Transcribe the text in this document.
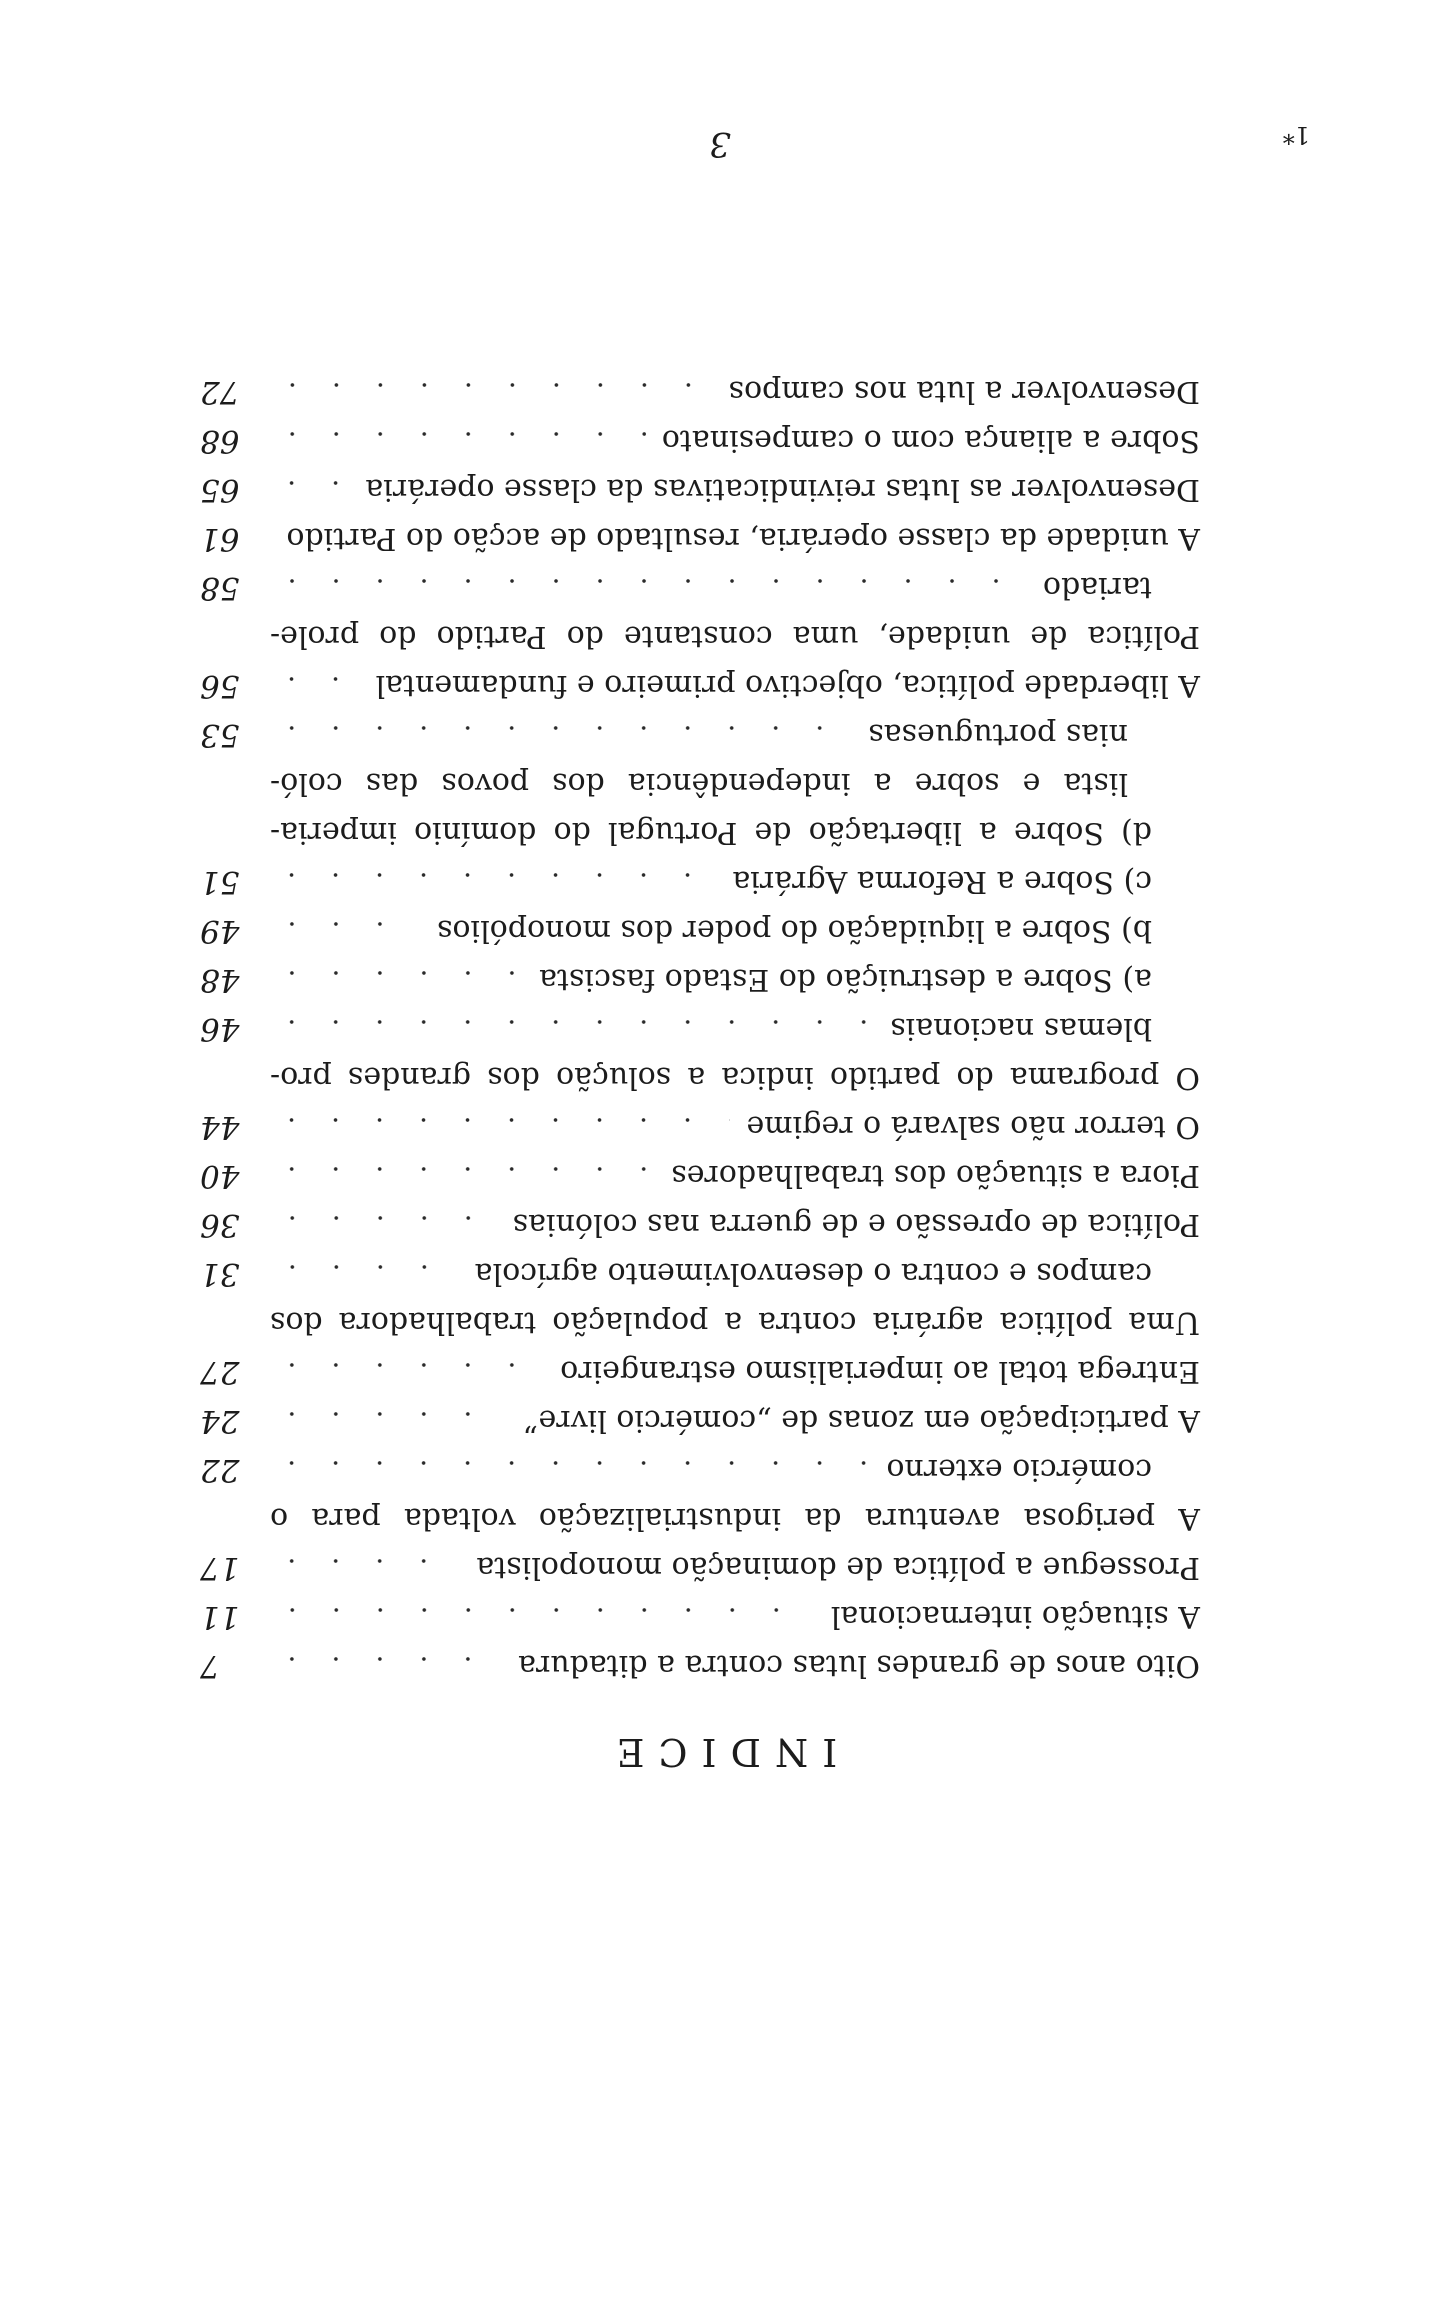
INDICE
Oito anos de grandes lutas contra a ditadura
7
A situação internacional
11
Prossegue a política de dominação monopolista
17
A perigosa aventura da industrialização voltada para o
comércio externo
22
A participação em zonas de „comércio livre”
24
Entrega total ao imperialismo estrangeiro
27
Uma política agrária contra a população trabalhadora dos
campos e contra o desenvolvimento agrícola
31
Política de opressão e de guerra nas colónias
36
Piora a situação dos trabalhadores
40
O terror não salvará o regime
44
O programa do partido indica a solução dos grandes pro-
blemas nacionais
46
a) Sobre a destruição do Estado fascista
48
b) Sobre a liquidação do poder dos monopólios
49
c) Sobre a Reforma Agrária
51
d) Sobre a libertação de Portugal do domínio imperia-
lista e sobre a independência dos povos das coló-
nias portuguesas
53
A liberdade política, objectivo primeiro e fundamental
56
Política de unidade, uma constante do Partido do prole-
tariado
58
A unidade da classe operária, resultado de acção do Partido
61
Desenvolver as lutas reivindicativas da classe operária
65
Sobre a aliança com o campesinato
68
Desenvolver a luta nos campos
72
3	1*
